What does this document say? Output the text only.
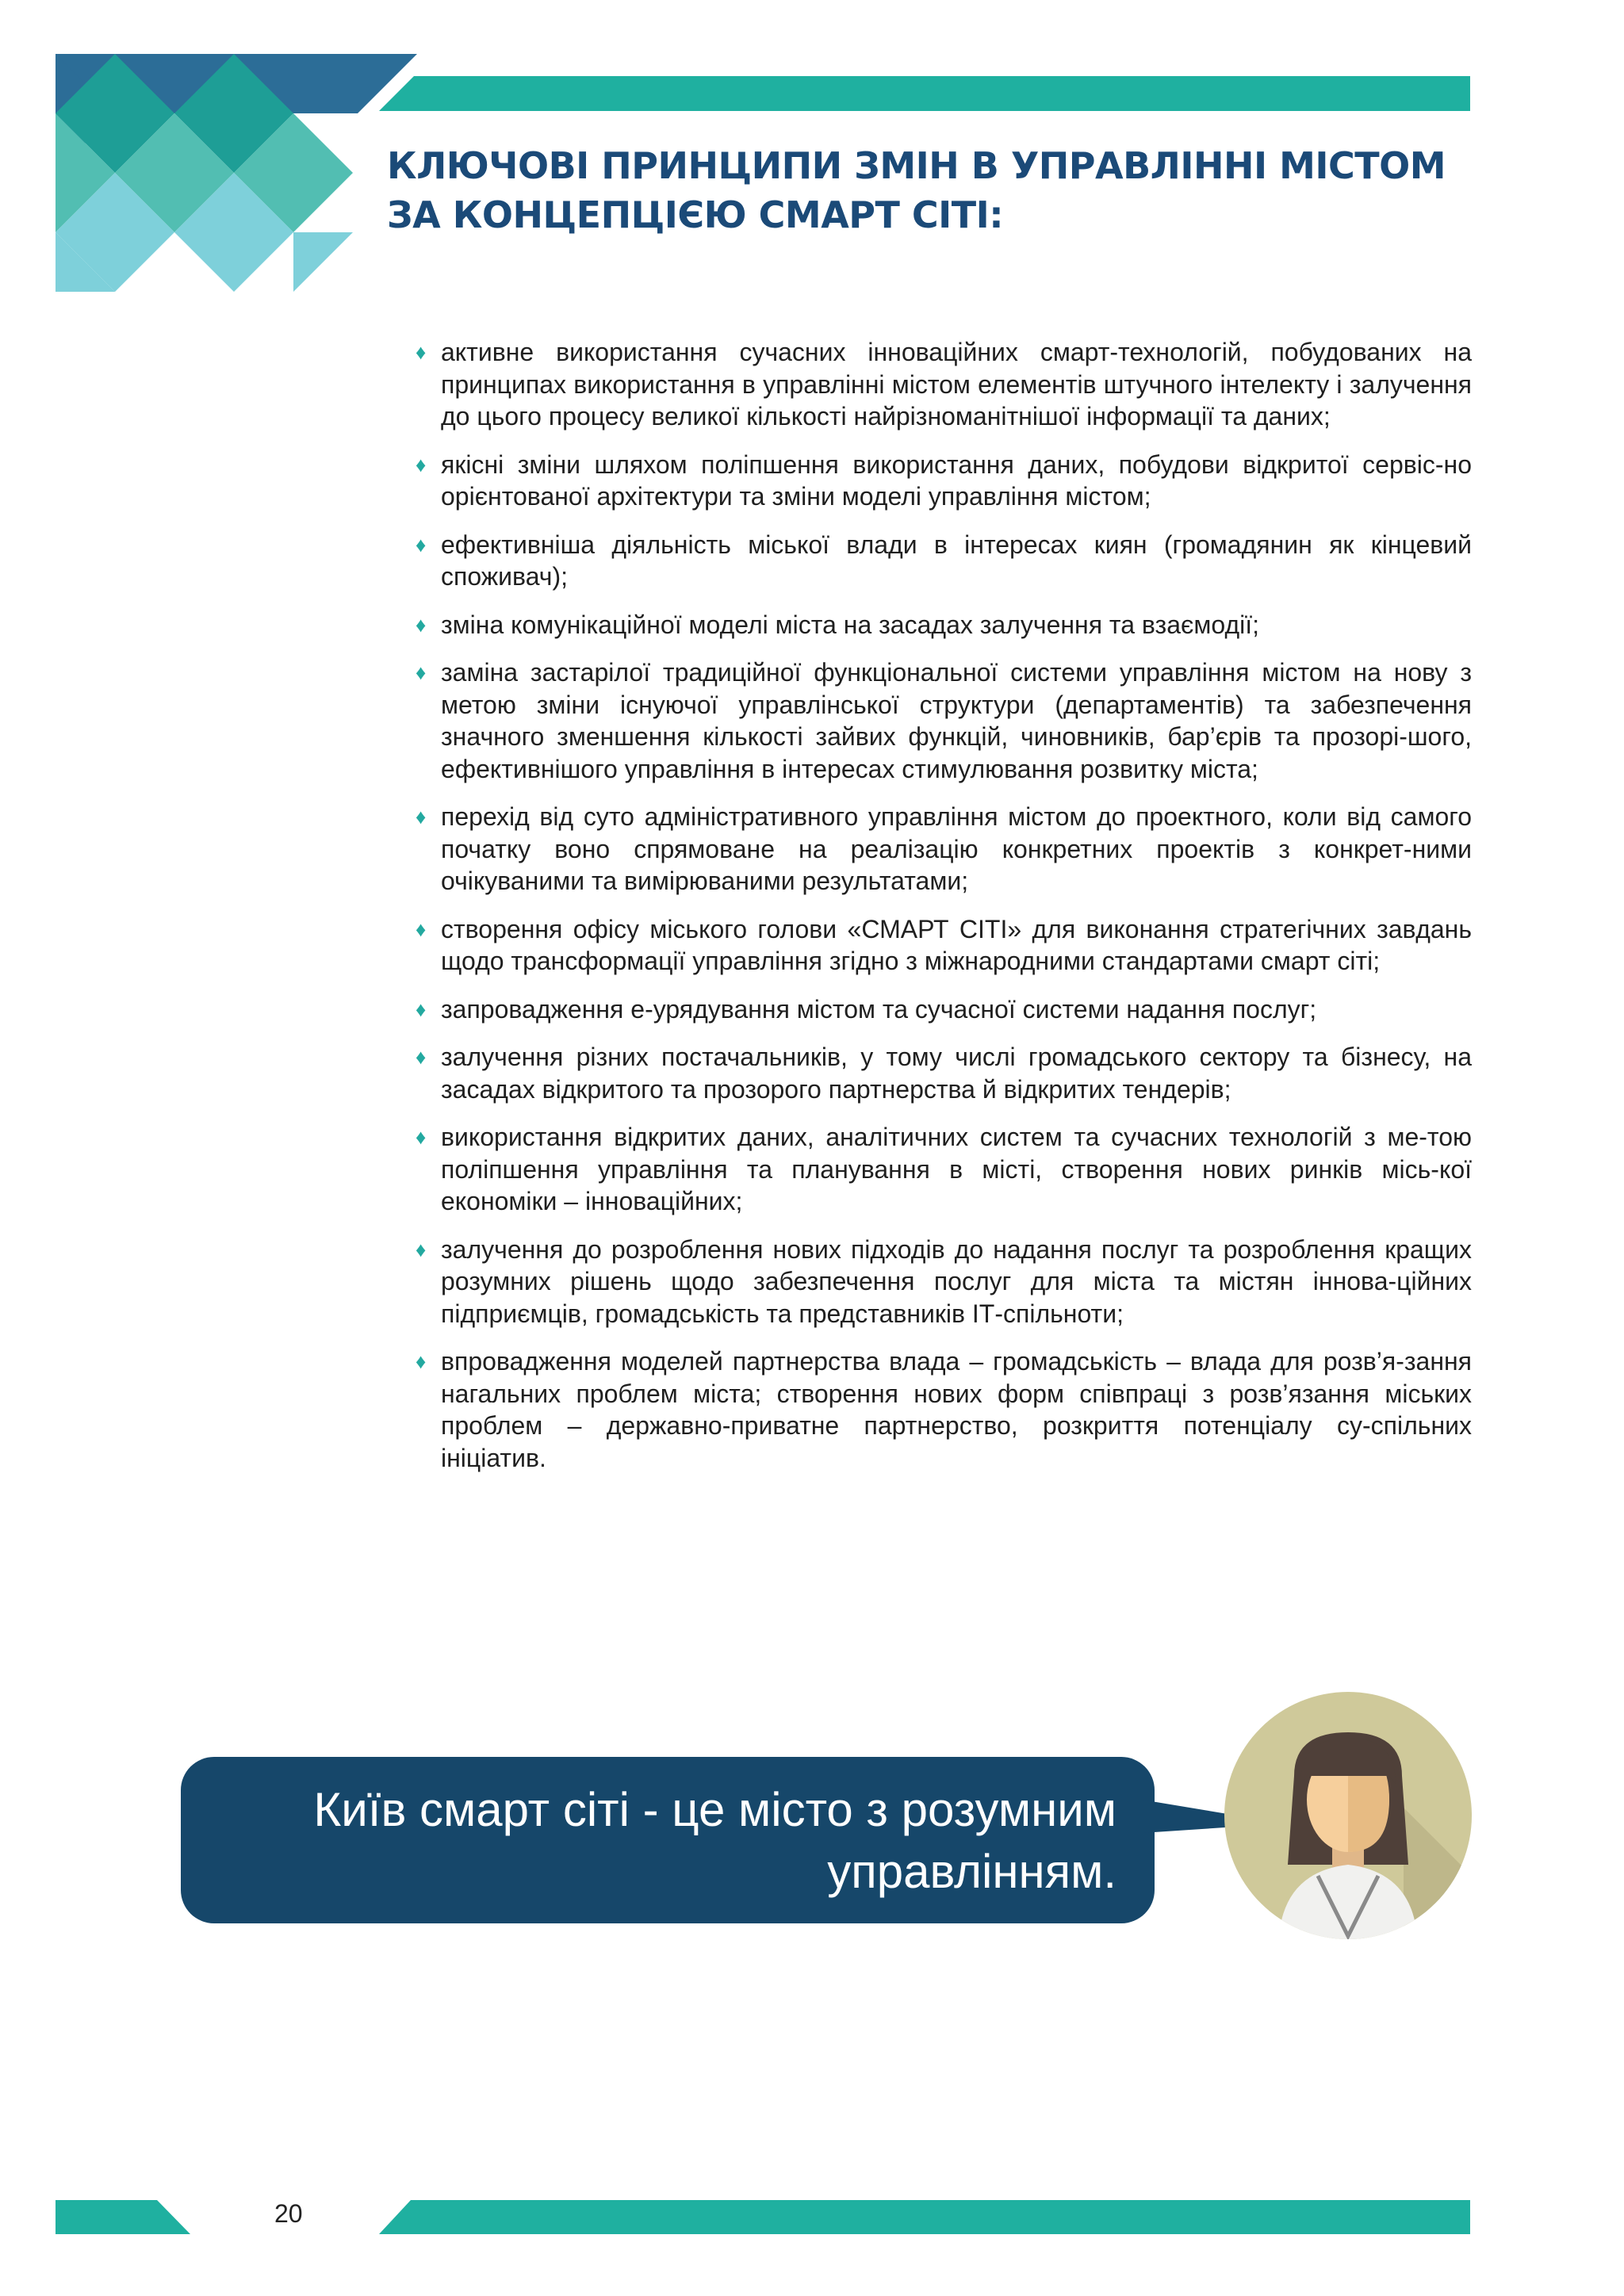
КЛЮЧОВІ ПРИНЦИПИ ЗМІН В УПРАВЛІННІ МІСТОМ
ЗА КОНЦЕПЦІЄЮ СМАРТ СІТІ:
♦ активне використання сучасних інноваційних смарт-технологій, побудованих на принципах використання в управлінні містом елементів штучного інтелекту і залучення до цього процесу великої кількості найрізноманітнішої інформації та даних;
♦ якісні зміни шляхом поліпшення використання даних, побудови відкритої сервіс-но орієнтованої архітектури та зміни моделі управління містом;
♦ ефективніша діяльність міської влади в інтересах киян (громадянин як кінцевий споживач);
♦ зміна комунікаційної моделі міста на засадах залучення та взаємодії;
♦ заміна застарілої традиційної функціональної системи управління містом на нову з метою зміни існуючої управлінської структури (департаментів) та забезпечення значного зменшення кількості зайвих функцій, чиновників, бар’єрів та прозорі-шого, ефективнішого управління в інтересах стимулювання розвитку міста;
♦ перехід від суто адміністративного управління містом до проектного, коли від самого початку воно спрямоване на реалізацію конкретних проектів з конкрет-ними очікуваними та вимірюваними результатами;
♦ створення офісу міського голови «СМАРТ СІТІ» для виконання стратегічних завдань щодо трансформації управління згідно з міжнародними стандартами смарт сіті;
♦ запровадження е-урядування містом та сучасної системи надання послуг;
♦ залучення різних постачальників, у тому числі громадського сектору та бізнесу, на засадах відкритого та прозорого партнерства й відкритих тендерів;
♦ використання відкритих даних, аналітичних систем та сучасних технологій з ме-тою поліпшення управління та планування в місті, створення нових ринків місь-кої економіки – інноваційних;
♦ залучення до розроблення нових підходів до надання послуг та розроблення кращих розумних рішень щодо забезпечення послуг для міста та містян іннова-ційних підприємців, громадськість та представників ІТ-спільноти;
♦ впровадження моделей партнерства влада – громадськість – влада для розв’я-зання нагальних проблем міста; створення нових форм співпраці з розв’язання міських проблем – державно-приватне партнерство, розкриття потенціалу су-спільних ініціатив.
Київ смарт сіті - це місто з розумним
управлінням.
20
